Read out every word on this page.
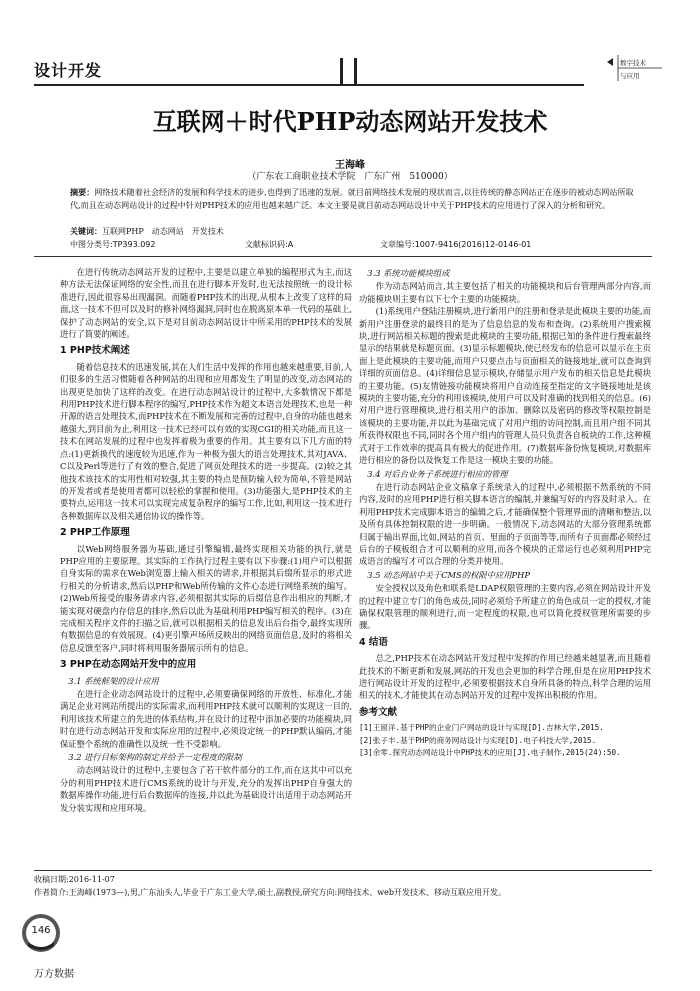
设计开发	数字技术
与应用
互联网＋时代PHP动态网站开发技术
王海峰
（广东农工商职业技术学院　广东广州　510000）
摘要：网络技术随着社会经济的发展和科学技术的进步,也得到了迅速的发展。就目前网络技术发展的现状而言,以往传统的静态网站正在逐步的被动态网站所取代,而且在动态网站设计的过程中针对PHP技术的应用也越来越广泛。本文主要是就目前动态网站设计中关于PHP技术的应用进行了深入的分析和研究。
关键词：互联网PHP　动态网站　开发技术
中图分类号:TP393.092	文献标识码:A	文章编号:1007-9416(2016)12-0146-01

在进行传统动态网站开发的过程中,主要是以建立单独的编程形式为主,而这种方法无法保证网络的安全性,而且在进行脚本开发时,也无法按照统一的设计标准进行,因此很容易出现漏洞。而随着PHP技术的出现,从根本上改变了这样的局面,这一技术不但可以及时的修补网络漏洞,同时也在脱离原本单一代码的基础上,保护了动态网站的安全,以下是对目前动态网站设计中所采用的PHP技术的发展进行了简要的阐述。

1 PHP技术阐述

随着信息技术的迅速发展,其在人们生活中发挥的作用也越来越重要,目前,人们很多的生活习惯随着各种网站的出现和应用都发生了明显的改变,动态网站的出现更是加快了这样的改变。在进行动态网站设计的过程中,大多数情况下都是利用PHP技术进行脚本程序的编写,PHP技术作为超文本语言处理技术,也是一种开源的语言处理技术,而PHP技术在不断发展和完善的过程中,自身的功能也越来越强大,到目前为止,利用这一技术已经可以有效的实现CGI的相关功能,而且这一技术在网站发展的过程中也发挥着极为重要的作用。其主要有以下几方面的特点:(1)更新换代的速度较为迅速,作为一种极为强大的语言处理技术,其对JAVA、C以及Perl等进行了有效的整合,促进了网页处理技术的进一步提高。(2)较之其他技术该技术的实用性相对较强,其主要的特点是预防输入较为简单,不管是网站的开发者或者是使用者都可以轻松的掌握和使用。(3)功能强大,是PHP技术的主要特点,运用这一技术可以实现完成复杂程序的编写工作,比如,利用这一技术进行各种数据库以及相关通信协议的操作等。

2 PHP工作原理

以Web网络服务器为基础,通过引擎编辑,最终实现相关功能的执行,就是PHP应用的主要原理。其实际的工作执行过程主要有以下步骤:(1)用户可以根据自身实际的需求在Web浏览器上输入相关的请求,并根据其后缀所显示的形式进行相关的分析请求,然后以PHP和Web所传输的文件心态进行网络系统的编写。(2)Web所接受的服务请求内容,必须根据其实际的后缀信息作出相应的判断,才能实现对硬盘内存信息的排序,然后以此为基础利用PHP编写相关的程序。(3)在完成相关程序文件的扫描之后,就可以根据相关的信息发出后台指令,最终实现所有数据信息的有效展现。(4)更引擎声场所反映出的网络页面信息,及时的将相关信息反馈至客户,同时将利用服务器展示所有的信息。

3 PHP在动态网站开发中的应用
3.1 系统框架的设计应用

在进行企业动态网站设计的过程中,必须要确保网络的开放性、标准化,才能满足企业对网站所提出的实际需求,而利用PHP技术就可以顺利的实现这一目的,利用该技术所建立的先进的体系结构,并在设计的过程中添加必要的功能模块,同时在进行动态网站开发和实际应用的过程中,必须设定统一的PHP默认编码,才能保证整个系统的准确性以及统一性不受影响。

3.2 进行目标架构的制定并给予一定程度的限制

动态网站设计的过程中,主要包含了若干软件部分的工作,而在这其中可以充分的利用PHP技术进行CMS系统的设计与开发,充分的发挥出PHP自身强大的数据库操作功能,进行后台数据库的连接,并以此为基础设计出适用于动态网站开发分装实现和应用环境。

3.3 系统功能模块组成

作为动态网站而言,其主要包括了相关的功能模块和后台管理两部分内容,而功能模块则主要有以下七个主要的功能模块。

(1)系统用户登陆注册模块,进行新用户的注册和登录是此模块主要的功能,而新用户注册登录的最终目的是为了信息信息的发布和查询。(2)系统用户搜索模块,进行网站相关标题的搜索是此模块的主要功能,根据已知的条件进行搜索最终显示的结果就是标题页面。(3)显示标题模块,使已经发布的信息可以显示在主页面上是此模块的主要功能,而用户只要点击与页面相关的链接地址,就可以查询到详细的页面信息。(4)详细信息显示模块,存储显示用户发布的相关信息是此模块的主要功能。(5)友情链接功能模块将用户自动连接至指定的文字链接地址是该模块的主要功能,充分的利用该模块,使用户可以及时准确的找到相关的信息。(6)对用户进行管理模块,进行相关用户的添加、删除以及密码的修改等权限控制是该模块的主要功能,并以此为基础完成了对用户组的访问控制,而且用户组不同其所获得权限也不同,同时各个用户组内的管理人员只负责各自板块的工作,这种模式对于工作效率的提高具有极大的促进作用。(7)数据库备份恢复模块,对数据库进行相应的备份以及恢复工作是这一模块主要的功能。

3.4 对后台业务子系统进行相应的管理

在进行动态网站企业文稿拿子系统录入的过程中,必须根据不然系统的不同内容,及时的应用PHP进行相关脚本语言的编制,并兼编写好的内容及时录入。在利用PHP技术完成脚本语言的编辑之后,才能确保整个管理界面的清晰和整洁,以及所有具体控制权限的进一步明确。一般情况下,动态网站的大部分管理系统都归属于输出界面,比如,网站的首页、里面的子页面等等,而所有子页面都必须经过后台的子模板组合才可以顺利的应用,而各个模块的正常运行也必须利用PHP完成语言的编写才可以合理的分类并使用。

3.5 动态网站中关于CMS的权限中应用PHP

安全授权以及角色和联系是LDAP权限管理的主要内容,必须在网站设计开发的过程中建立专门的角色成员,同时必须给予所建立的角色成员一定的授权,才能确保权限管理的顺利进行,而一定程度的权限,也可以简化授权管理所需要的步骤。

4 结语

总之,PHP技术在动态网站开发过程中发挥的作用已经越来越显著,而且随着此技术的不断更新和发展,网站的开发也会更加的科学合理,但是在应用PHP技术进行网站设计开发的过程中,必须要根据技术自身所具备的特点,科学合理的运用相关的技术,才能使其在动态网站开发的过程中发挥出积极的作用。

参考文献

[1]王留洋.基于PHP的企业门户网站的设计与实现[D].吉林大学,2015.

[2]张子丰.基于PHP的商务网站设计与实现[D].电子科技大学,2015.

[3]余零.探究动态网站设计中PHP技术的应用[J].电子制作,2015(24):50.

收稿日期:2016-11-07
作者简介:王海峰(1973—),男,广东汕头人,毕业于广东工业大学,硕士,副教授,研究方向:网络技术、web开发技术、移动互联应用开发。
146
万方数据
